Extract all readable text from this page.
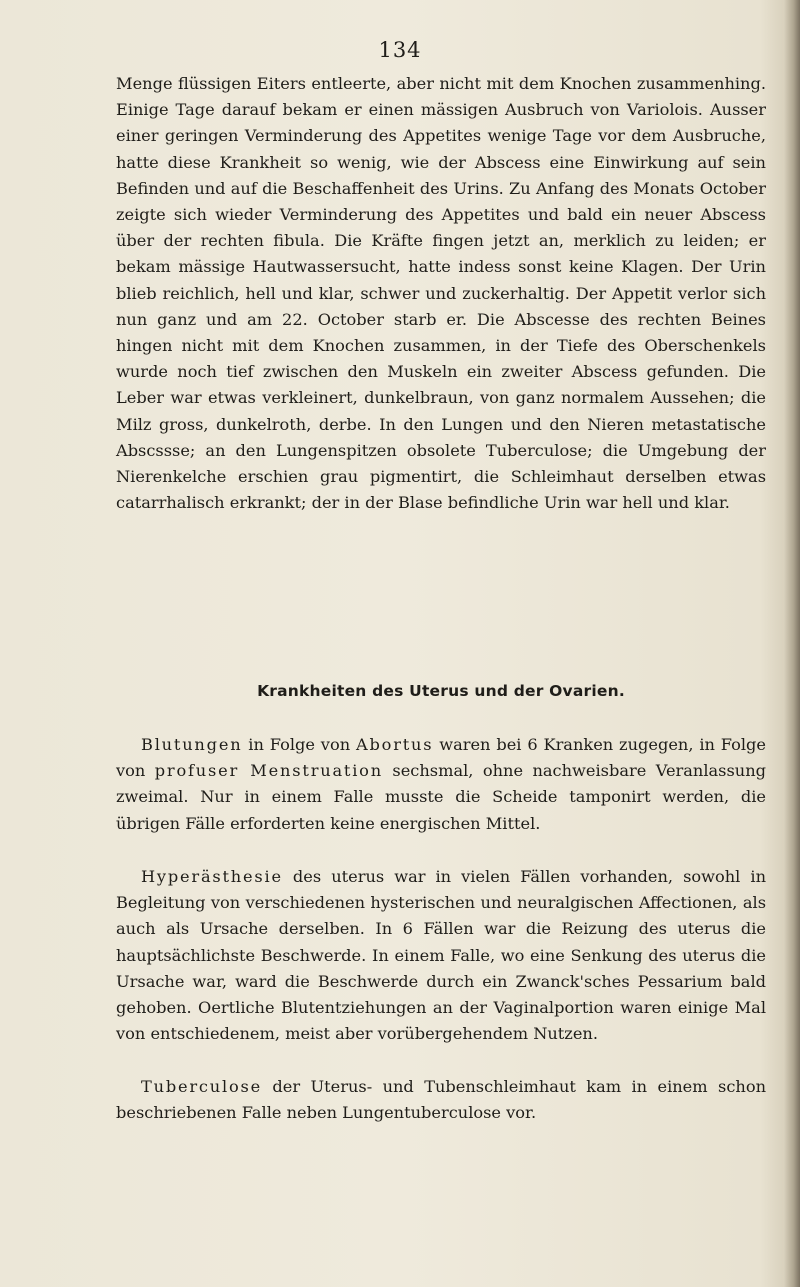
134

Menge flüssigen Eiters entleerte, aber nicht mit dem Knochen zusammenhing. Einige Tage darauf bekam er einen mässigen Ausbruch von Variolois. Ausser einer geringen Verminderung des Appetites wenige Tage vor dem Ausbruche, hatte diese Krankheit so wenig, wie der Abscess eine Einwirkung auf sein Befinden und auf die Beschaffenheit des Urins. Zu Anfang des Monats October zeigte sich wieder Verminderung des Appetites und bald ein neuer Abscess über der rechten fibula. Die Kräfte fingen jetzt an, merklich zu leiden; er bekam mässige Hautwassersucht, hatte indess sonst keine Klagen. Der Urin blieb reichlich, hell und klar, schwer und zuckerhaltig. Der Appetit verlor sich nun ganz und am 22. October starb er. Die Abscesse des rechten Beines hingen nicht mit dem Knochen zusammen, in der Tiefe des Oberschenkels wurde noch tief zwischen den Muskeln ein zweiter Abscess gefunden. Die Leber war etwas verkleinert, dunkelbraun, von ganz normalem Aussehen; die Milz gross, dunkelroth, derbe. In den Lungen und den Nieren metastatische Abscssse; an den Lungenspitzen obsolete Tuberculose; die Umgebung der Nierenkelche erschien grau pigmentirt, die Schleimhaut derselben etwas catarrhalisch erkrankt; der in der Blase befindliche Urin war hell und klar.

Krankheiten des Uterus und der Ovarien.

Blutungen in Folge von Abortus waren bei 6 Kranken zugegen, in Folge von profuser Menstruation sechsmal, ohne nachweisbare Veranlassung zweimal. Nur in einem Falle musste die Scheide tamponirt werden, die übrigen Fälle erforderten keine energischen Mittel.

Hyperästhesie des uterus war in vielen Fällen vorhanden, sowohl in Begleitung von verschiedenen hysterischen und neuralgischen Affectionen, als auch als Ursache derselben. In 6 Fällen war die Reizung des uterus die hauptsächlichste Beschwerde. In einem Falle, wo eine Senkung des uterus die Ursache war, ward die Beschwerde durch ein Zwanck'sches Pessarium bald gehoben. Oertliche Blutentziehungen an der Vaginalportion waren einige Mal von entschiedenem, meist aber vorübergehendem Nutzen.

Tuberculose der Uterus- und Tubenschleimhaut kam in einem schon beschriebenen Falle neben Lungentuberculose vor.
